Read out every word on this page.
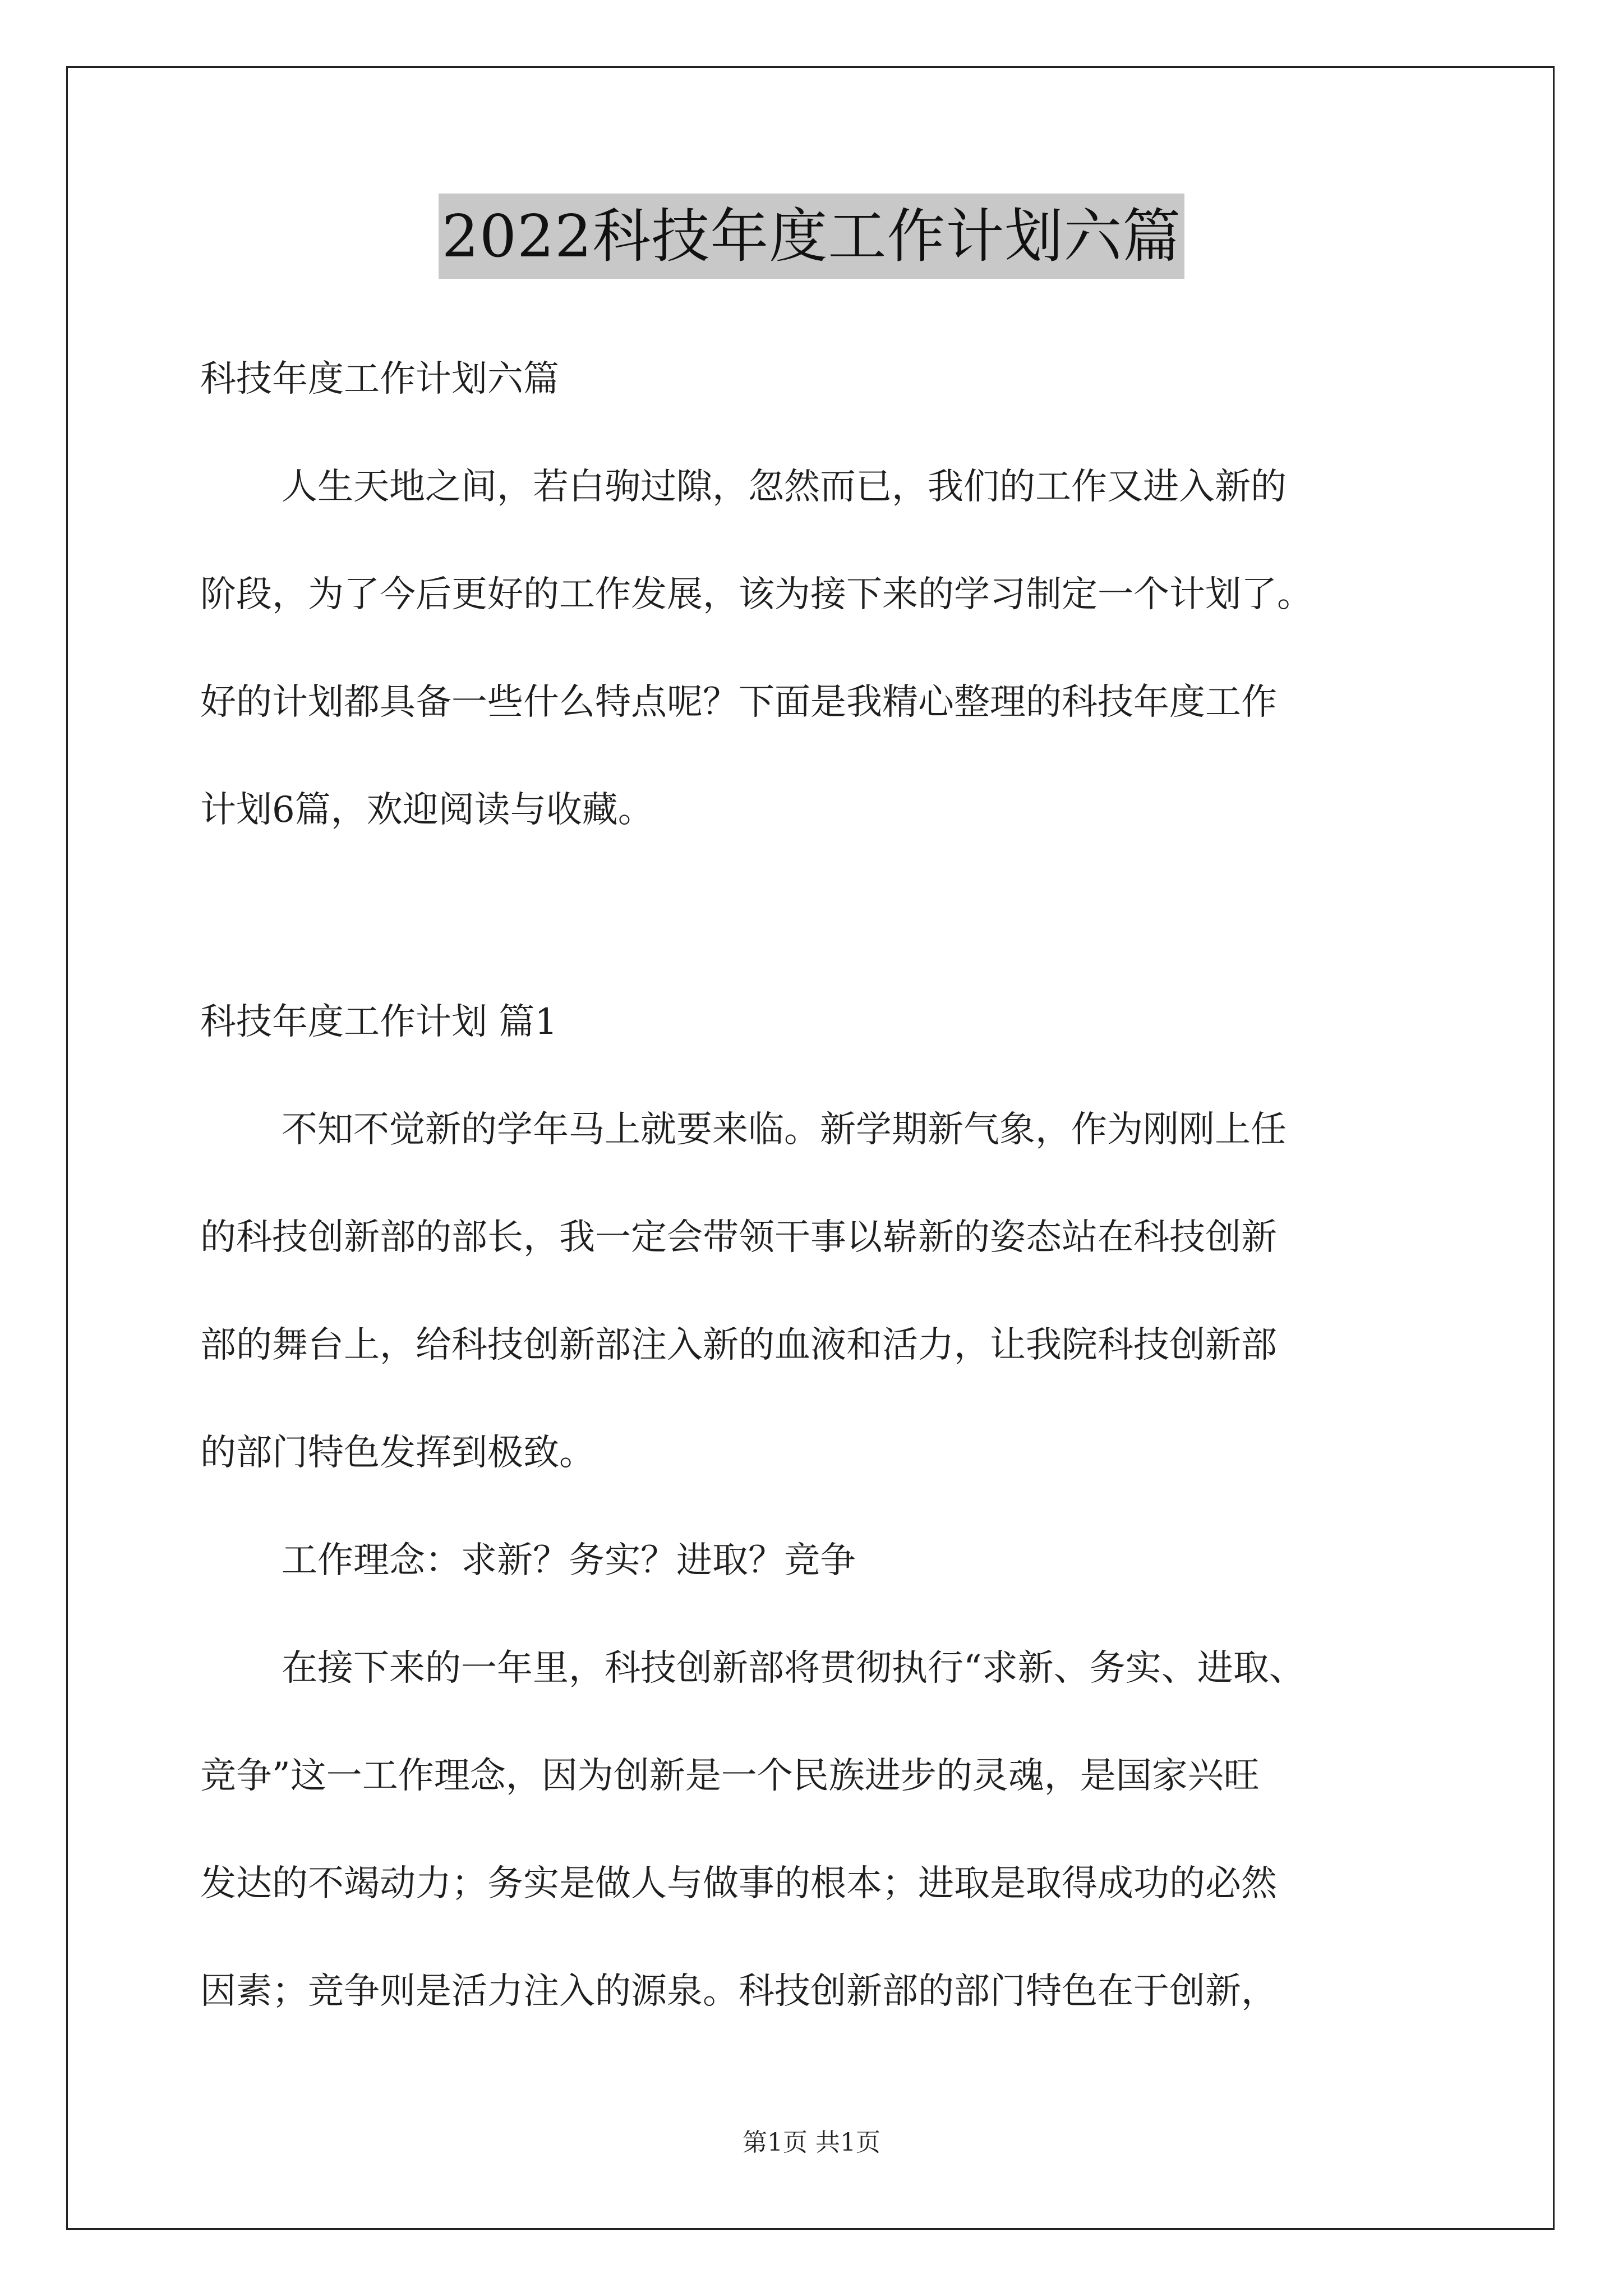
2022科技年度工作计划六篇
科技年度工作计划六篇
人生天地之间，若白驹过隙，忽然而已，我们的工作又进入新的
阶段，为了今后更好的工作发展，该为接下来的学习制定一个计划了。
好的计划都具备一些什么特点呢？下面是我精心整理的科技年度工作
计划6篇，欢迎阅读与收藏。
科技年度工作计划 篇1
不知不觉新的学年马上就要来临。新学期新气象，作为刚刚上任
的科技创新部的部长，我一定会带领干事以崭新的姿态站在科技创新
部的舞台上，给科技创新部注入新的血液和活力，让我院科技创新部
的部门特色发挥到极致。
工作理念：求新？务实？进取？竞争
在接下来的一年里，科技创新部将贯彻执行“求新、务实、进取、
竞争”这一工作理念，因为创新是一个民族进步的灵魂，是国家兴旺
发达的不竭动力；务实是做人与做事的根本；进取是取得成功的必然
因素；竞争则是活力注入的源泉。科技创新部的部门特色在于创新，
第1页 共1页
